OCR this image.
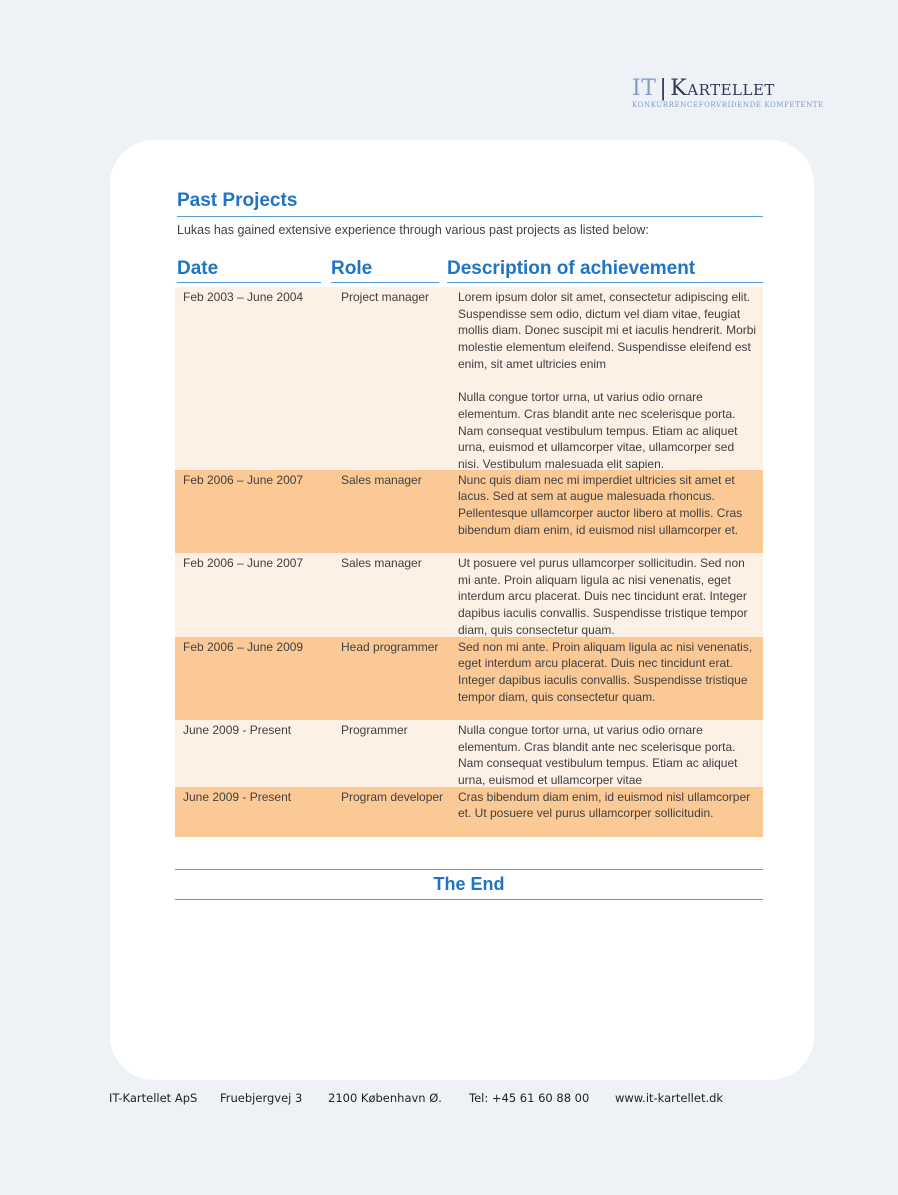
IT | Kartellet
KONKURRENCEFORVRIDENDE KOMPETENTE
Past Projects
Lukas has gained extensive experience through various past projects as listed below:
Date	Role	Description of achievement
Feb 2003 – June 2004	Project manager	Lorem ipsum dolor sit amet, consectetur adipiscing elit. Suspendisse sem odio, dictum vel diam vitae, feugiat mollis diam. Donec suscipit mi et iaculis hendrerit. Morbi molestie elementum eleifend. Suspendisse eleifend est enim, sit amet ultricies enim

Nulla congue tortor urna, ut varius odio ornare elementum. Cras blandit ante nec scelerisque porta. Nam consequat vestibulum tempus. Etiam ac aliquet urna, euismod et ullamcorper vitae, ullamcorper sed nisi. Vestibulum malesuada elit sapien.

Feb 2006 – June 2007	Sales manager	Nunc quis diam nec mi imperdiet ultricies sit amet et lacus. Sed at sem at augue malesuada rhoncus. Pellentesque ullamcorper auctor libero at mollis. Cras bibendum diam enim, id euismod nisl ullamcorper et.

Feb 2006 – June 2007	Sales manager	Ut posuere vel purus ullamcorper sollicitudin. Sed non mi ante. Proin aliquam ligula ac nisi venenatis, eget interdum arcu placerat. Duis nec tincidunt erat. Integer dapibus iaculis convallis. Suspendisse tristique tempor diam, quis consectetur quam.

Feb 2006 – June 2009	Head programmer	Sed non mi ante. Proin aliquam ligula ac nisi venenatis, eget interdum arcu placerat. Duis nec tincidunt erat. Integer dapibus iaculis convallis. Suspendisse tristique tempor diam, quis consectetur quam.

June 2009 - Present	Programmer	Nulla congue tortor urna, ut varius odio ornare elementum. Cras blandit ante nec scelerisque porta. Nam consequat vestibulum tempus. Etiam ac aliquet urna, euismod et ullamcorper vitae

June 2009 - Present	Program developer	Cras bibendum diam enim, id euismod nisl ullamcorper et. Ut posuere vel purus ullamcorper sollicitudin.

The End
IT-Kartellet ApS Fruebjergvej 3 2100 København Ø. Tel: +45 61 60 88 00 www.it-kartellet.dk
